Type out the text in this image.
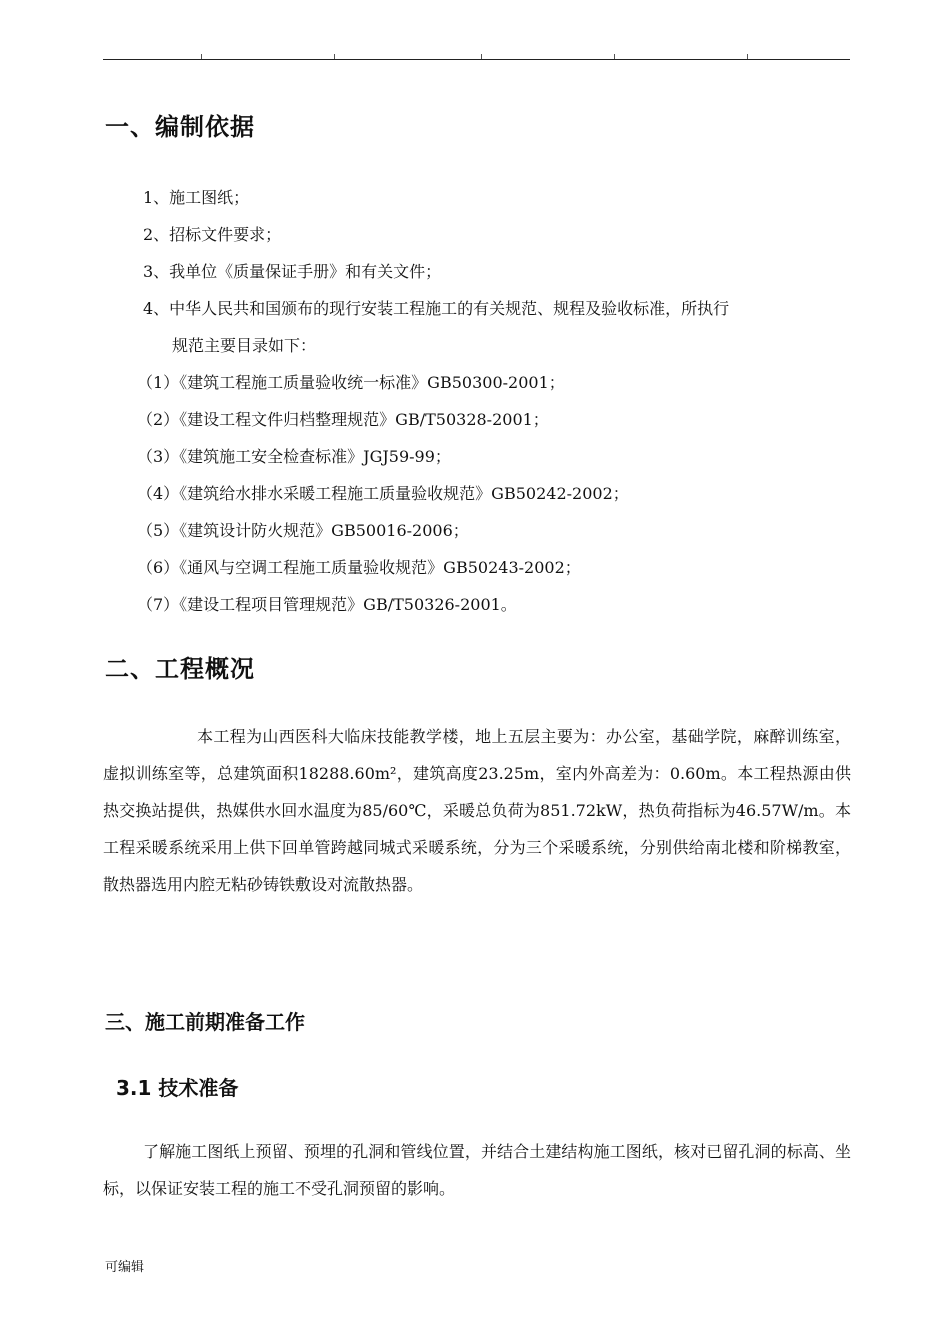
一、编制依据
1、施工图纸；
2、招标文件要求；
3、我单位《质量保证手册》和有关文件；
4、中华人民共和国颁布的现行安装工程施工的有关规范、规程及验收标准，所执行
规范主要目录如下：
（1）《建筑工程施工质量验收统一标准》GB50300-2001；
（2）《建设工程文件归档整理规范》GB/T50328-2001；
（3）《建筑施工安全检查标准》JGJ59-99；
（4）《建筑给水排水采暖工程施工质量验收规范》GB50242-2002；
（5）《建筑设计防火规范》GB50016-2006；
（6）《通风与空调工程施工质量验收规范》GB50243-2002；
（7）《建设工程项目管理规范》GB/T50326-2001。
二、工程概况

本工程为山西医科大临床技能教学楼，地上五层主要为：办公室，基础学院，麻醉训练室，虚拟训练室等，总建筑面积18288.60m²，建筑高度23.25m，室内外高差为：0.60m。本工程热源由供热交换站提供，热媒供水回水温度为85/60℃，采暖总负荷为851.72kW，热负荷指标为46.57W/m。本工程采暖系统采用上供下回单管跨越同城式采暖系统，分为三个采暖系统，分别供给南北楼和阶梯教室，散热器选用内腔无粘砂铸铁敷设对流散热器。

三、施工前期准备工作
3.1 技术准备

了解施工图纸上预留、预埋的孔洞和管线位置，并结合土建结构施工图纸，核对已留孔洞的标高、坐标，以保证安装工程的施工不受孔洞预留的影响。

可编辑
